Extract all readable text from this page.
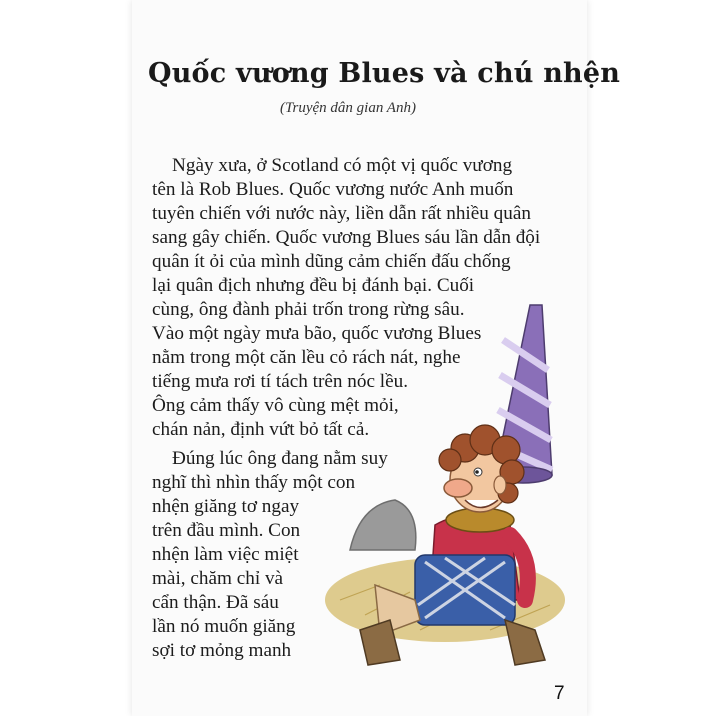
Quốc vương Blues và chú nhện
(Truyện dân gian Anh)
Ngày xưa, ở Scotland có một vị quốc vương
tên là Rob Blues. Quốc vương nước Anh muốn
tuyên chiến với nước này, liền dẫn rất nhiều quân
sang gây chiến. Quốc vương Blues sáu lần dẫn đội
quân ít ỏi của mình dũng cảm chiến đấu chống
lại quân địch nhưng đều bị đánh bại. Cuối
cùng, ông đành phải trốn trong rừng sâu.
Vào một ngày mưa bão, quốc vương Blues
nằm trong một căn lều cỏ rách nát, nghe
tiếng mưa rơi tí tách trên nóc lều.
Ông cảm thấy vô cùng mệt mỏi,
chán nản, định vứt bỏ tất cả.
Đúng lúc ông đang nằm suy
nghĩ thì nhìn thấy một con
nhện giăng tơ ngay
trên đầu mình. Con
nhện làm việc miệt
mài, chăm chỉ và
cẩn thận. Đã sáu
lần nó muốn giăng
sợi tơ mỏng manh
7
